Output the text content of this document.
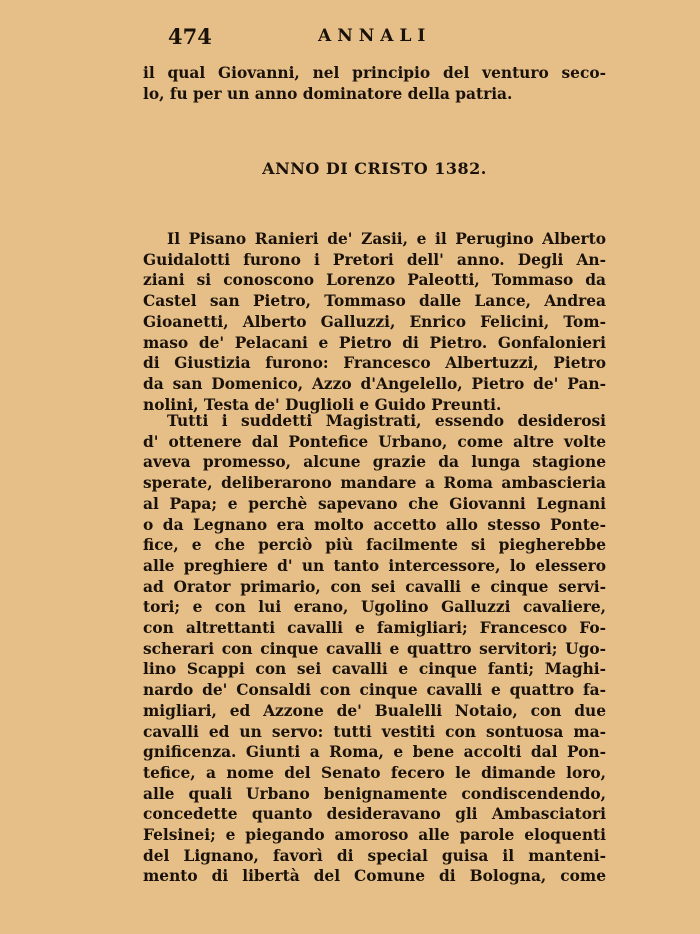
474	ANNALI
il qual Giovanni, nel principio del venturo seco-
lo, fu per un anno dominatore della patria.
ANNO DI CRISTO 1382.
Il Pisano Ranieri de' Zasii, e il Perugino Alberto
Guidalotti furono i Pretori dell' anno. Degli An-
ziani si conoscono Lorenzo Paleotti, Tommaso da
Castel san Pietro, Tommaso dalle Lance, Andrea
Gioanetti, Alberto Galluzzi, Enrico Felicini, Tom-
maso de' Pelacani e Pietro di Pietro. Gonfalonieri
di Giustizia furono: Francesco Albertuzzi, Pietro
da san Domenico, Azzo d'Angelello, Pietro de' Pan-
nolini, Testa de' Duglioli e Guido Preunti.
Tutti i suddetti Magistrati, essendo desiderosi
d' ottenere dal Pontefice Urbano, come altre volte
aveva promesso, alcune grazie da lunga stagione
sperate, deliberarono mandare a Roma ambascieria
al Papa; e perchè sapevano che Giovanni Legnani
o da Legnano era molto accetto allo stesso Ponte-
fice, e che perciò più facilmente si piegherebbe
alle preghiere d' un tanto intercessore, lo elessero
ad Orator primario, con sei cavalli e cinque servi-
tori; e con lui erano, Ugolino Galluzzi cavaliere,
con altrettanti cavalli e famigliari; Francesco Fo-
scherari con cinque cavalli e quattro servitori; Ugo-
lino Scappi con sei cavalli e cinque fanti; Maghi-
nardo de' Consaldi con cinque cavalli e quattro fa-
migliari, ed Azzone de' Bualelli Notaio, con due
cavalli ed un servo: tutti vestiti con sontuosa ma-
gnificenza. Giunti a Roma, e bene accolti dal Pon-
tefice, a nome del Senato fecero le dimande loro,
alle quali Urbano benignamente condiscendendo,
concedette quanto desideravano gli Ambasciatori
Felsinei; e piegando amoroso alle parole eloquenti
del Lignano, favorì di special guisa il manteni-
mento di libertà del Comune di Bologna, come
